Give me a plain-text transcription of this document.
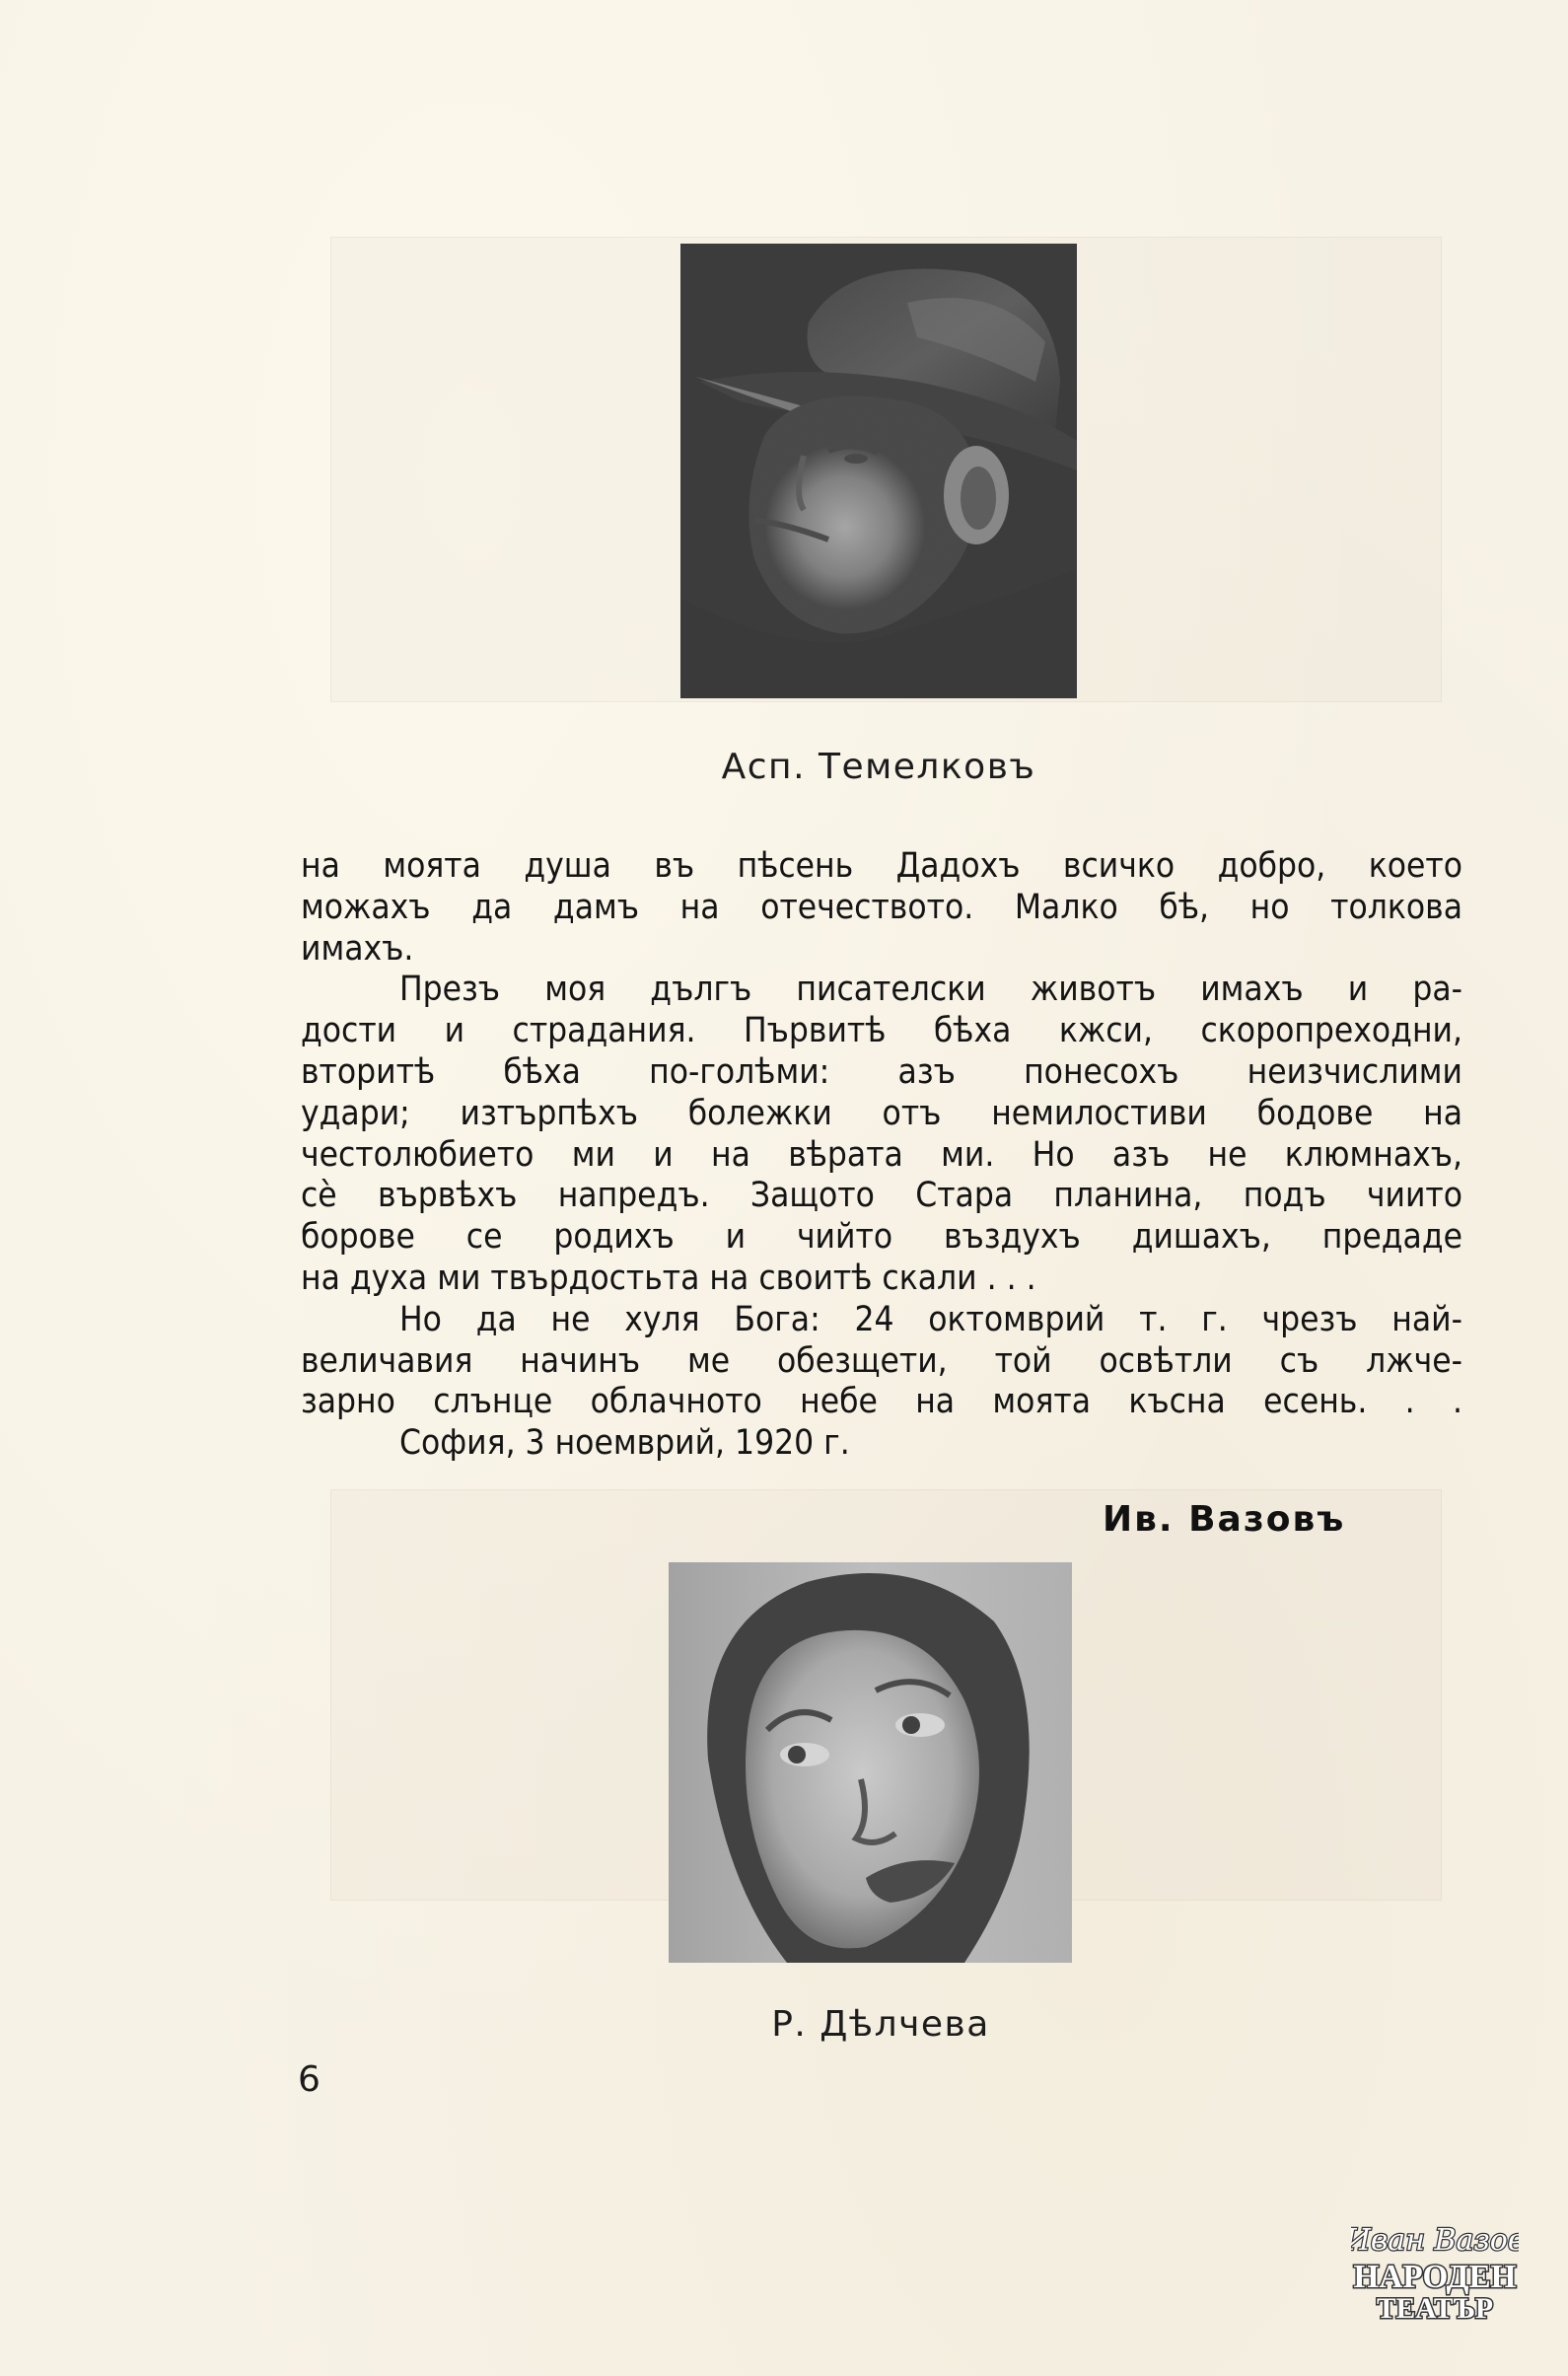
Асп. Темелковъ
на моята душа въ пѣсень Дадохъ всичко добро, което
можахъ да дамъ на отечеството. Малко бѣ, но толкова
имахъ.
Презъ моя дългъ писателски животъ имахъ и ра-
дости и страдания. Първитѣ бѣха кжси, скоропреходни,
вторитѣ бѣха по-голѣми: азъ понесохъ неизчислими
удари; изтърпѣхъ болежки отъ немилостиви бодове на
честолюбието ми и на вѣрата ми. Но азъ не клюмнахъ,
сѐ вървѣхъ напредъ. Защото Стара планина, подъ чиито
борове се родихъ и чийто въздухъ дишахъ, предаде
на духа ми твърдостьта на своитѣ скали . . .
Но да не хуля Бога: 24 октомврий т. г. чрезъ най-
величавия начинъ ме обезщети, той освѣтли съ лжче-
зарно слънце облачното небе на моята късна есень. . .
София, 3 ноемврий, 1920 г.
Ив. Вазовъ
Р. Дѣлчева
6
Иван Вазов
НАРОДЕН
ТЕАТЪР
